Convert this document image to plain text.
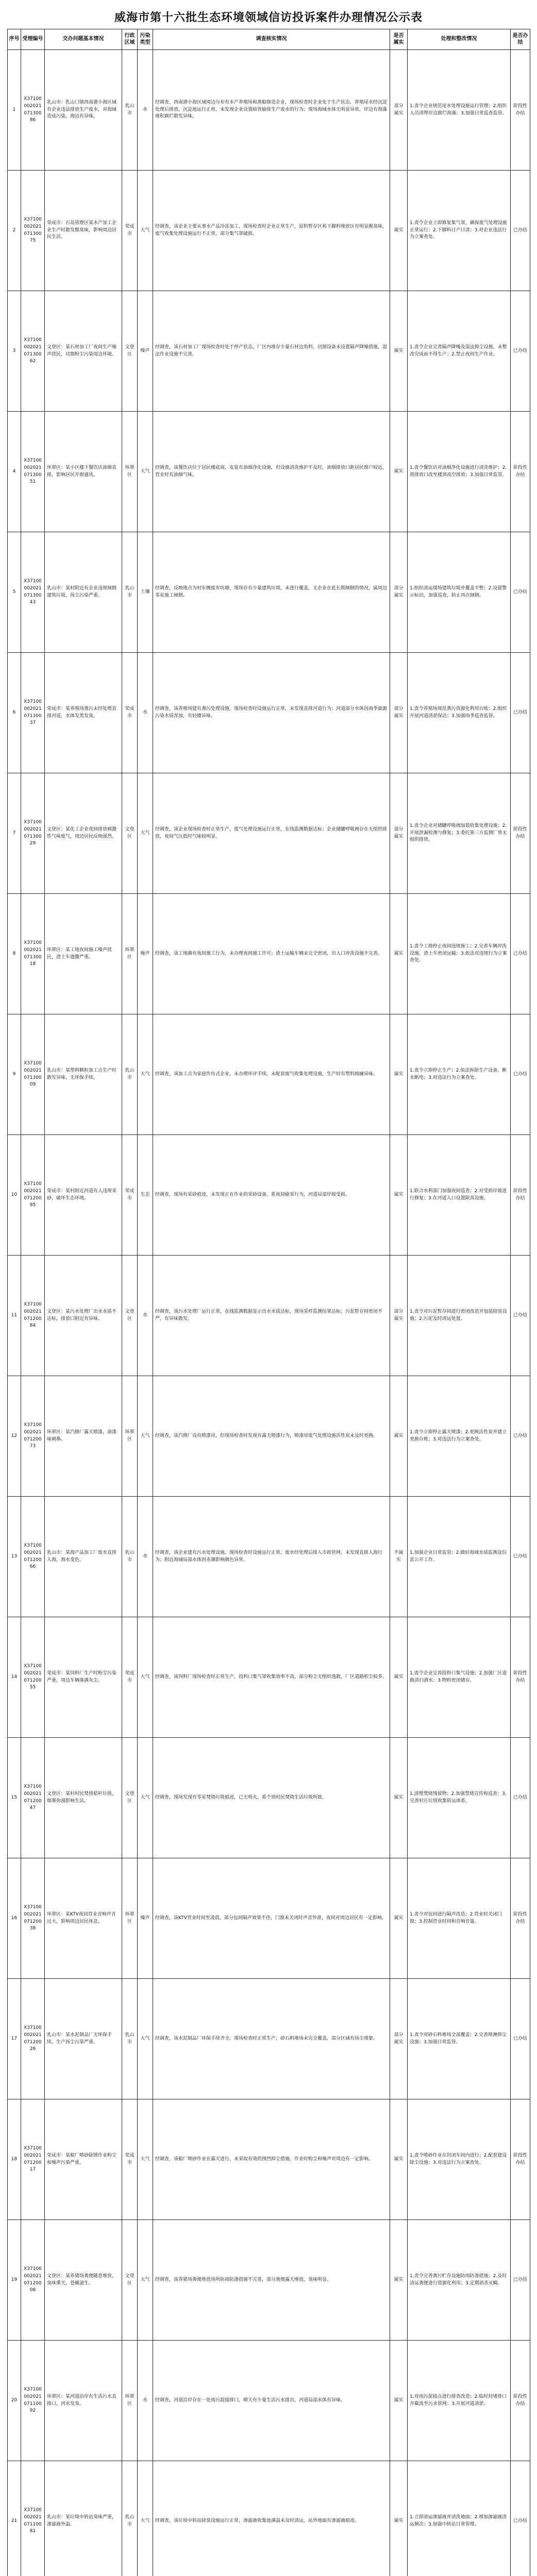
威海市第十六批生态环境领域信访投诉案件办理情况公示表
序号	受理编号	交办问题基本情况	行政区域	污染类型	调查核实情况	是否属实	处理和整改情况	是否办结
1	X3710000202107130086	乳山市：乳山口镇西南港小海区域有企业违法排放生产废水，对海域造成污染，海边有异味。	乳山市	水	经调查，西南港小海区域周边分布有水产养殖场和渔船修造企业，现场检查时企业处于生产状态，养殖尾水经沉淀处理后排放，沉淀池运行正常，未发现企业设置暗管偷排生产废水的行为；现场海域水体无明显异常，岸边有海藻堆积腐烂散发异味。	部分属实	1.责令企业规范尾水处理设施运行管理；2.组织人员清理岸边腐烂海藻；3.加强日常巡查监管。	阶段性办结
2	X3710000202107130075	荣成市：石岛管理区某水产加工企业生产时散发腥臭味，影响周边居民生活。	荣成市	大气	经调查，该企业主要从事水产品冷冻加工，现场检查时企业正常生产，原料暂存区和下脚料堆放区有明显腥臭味，废气收集处理设施运行不正常，部分集气罩破损。	属实	1.责令企业立即修复集气罩，确保废气处理设施正常运行；2.下脚料日产日清；3.对企业违法行为立案查处。	已办结
3	X3710000202107130062	文登区：某石材加工厂夜间生产噪声扰民，切割粉尘污染周边环境。	文登区	噪声	经调查，该石材加工厂现场检查时处于停产状态，厂区内堆存少量石材边角料，切割设备未设置隔声降噪措施，湿法作业设施不完善。	属实	1.责令企业完善隔声降噪及湿法抑尘设施，未整改完成前不得生产；2.禁止夜间生产作业。	已办结
4	X3710000202107130051	环翠区：某小区楼下餐饮店油烟直排，影响居民开窗通风。	环翠区	大气	经调查，该餐饮店位于居民楼底商，安装有油烟净化设施，但设施清洗维护不及时，油烟排放口距居民窗户较近，营业时有油烟气味。	属实	1.责令餐饮店对油烟净化设施进行清洗维护；2.将排放口改至楼顶高空排放；3.加强日常监管。	阶段性办结
5	X3710000202107130043	乳山市：某村附近有企业违规倾倒建筑垃圾，扬尘污染严重。	乳山市	土壤	经调查，反映地点为村东侧废弃坑塘，现场存有少量建筑垃圾，未进行覆盖，无企业在此长期倾倒的情况，属周边零星施工倾倒。	部分属实	1.组织清运现场建筑垃圾并覆盖平整；2.设置警示标识，加强巡查，防止再次倾倒。	已办结
6	X3710000202107130037	荣成市：某养殖场粪污未经处理直排河道，水体发黑发臭。	荣成市	水	经调查，该养殖场建有粪污处理设施，现场检查时设施运行正常，未发现直排河道行为；河道部分水体因雨季面源污染水质浑浊，有轻微异味。	部分属实	1.责令养殖场规范粪污资源化利用台账；2.组织开展河道清淤保洁；3.加强雨季巡查监管。	已办结
7	X3710000202107130029	文登区：某化工企业夜间排放刺激性气味废气，周边居民反映强烈。	文登区	大气	经调查，该企业现场检查时正常生产，废气处理设施运行正常，在线监测数据达标；企业储罐呼吸阀存在无组织排放，夜间气压低时气味较明显。	部分属实	1.责令企业对储罐呼吸阀加装收集处理设施；2.开展泄漏检测与修复；3.委托第三方监测厂界无组织排放。	阶段性办结
8	X3710000202107130018	环翠区：某工地夜间施工噪声扰民，渣土车遗撒严重。	环翠区	噪声	经调查，该工地确有夜间施工行为，未办理夜间施工许可；渣土运输车辆未完全密闭，出入口冲洗设施不完善。	属实	1.责令工地停止夜间违规施工；2.完善车辆冲洗设施，渣土车密闭运输；3.依法对违规行为立案查处。	已办结
9	X3710000202107130009	乳山市：某塑料颗粒加工点生产时散发异味，无环保手续。	乳山市	大气	经调查，该加工点为家庭作坊式企业，未办理环评手续，未配套废气收集处理设施，生产时有塑料熔融异味。	属实	1.责令立即停止生产；2.依法拆除生产设备，断水断电；3.对违法行为立案查处。	已办结
10	X3710000202107120095	荣成市：某村附近河道有人违规采砂，破坏生态环境。	荣成市	生态	经调查，现场有采砂痕迹，未发现正在作业的采砂设备，系夜间偷采行为，河道局部岸坡受损。	属实	1.联合水利部门加强夜间巡查；2.对受损岸坡进行修复；3.在河道入口设置限高设施。	阶段性办结
11	X3710000202107120084	文登区：某污水处理厂出水水质不达标，排放口附近有异味。	文登区	水	经调查，该污水处理厂运行正常，在线监测数据显示出水水质达标，现场采样监测结果达标；污泥暂存间密闭不严，有异味散发。	部分属实	1.责令对污泥暂存间进行密闭改造并加装除臭设施；2.污泥及时清运处置。	已办结
12	X3710000202107120073	环翠区：某汽修厂露天喷漆，油漆味刺鼻。	环翠区	大气	经调查，该汽修厂设有喷漆房，但现场检查时发现有露天喷漆行为，喷漆房废气处理设施活性炭未及时更换。	属实	1.责令立即停止露天喷漆；2.更换活性炭并建立更换台账；3.对违法行为立案查处。	已办结
13	X3710000202107120066	乳山市：某海产品加工厂废水直排入海，海水变色。	乳山市	水	经调查，该企业建有污水处理设施，现场检查时设施运行正常，废水经处理后排入市政管网，未发现直排入海行为；附近海域局部水体因赤潮影响颜色异常。	不属实	1.加强企业日常监管；2.做好海域水质监测及信息公开工作。	已办结
14	X3710000202107120055	荣成市：某饲料厂生产时粉尘污染严重，周边车辆落满灰尘。	荣成市	大气	经调查，该饲料厂现场检查时正常生产，投料口集气罩收集效率不高，部分粉尘无组织逸散，厂区道路积尘较多。	属实	1.责令企业完善投料口集气设施；2.加强厂区道路清扫洒水；3.物料密闭储存。	阶段性办结
15	X3710000202107120047	文登区：某村村民焚烧秸秆垃圾，烟雾弥漫影响生活。	文登区	大气	经调查，现场发现有零星焚烧垃圾痕迹，已无明火，系个别村民焚烧生活垃圾所致。	属实	1.清理焚烧残留物；2.加强禁烧宣传和巡查；3.完善村庄垃圾收集转运体系。	已办结
16	X3710000202107120038	环翠区：某KTV夜间营业音响声音过大，影响周边居民休息。	环翠区	噪声	经调查，该KTV营业时间至凌晨，部分包间隔声效果不佳，门窗未关闭时声音外泄，夜间对周边居民有一定影响。	属实	1.责令对包间进行隔声改造；2.营业时关闭门窗；3.控制营业时间和音响音量。	阶段性办结
17	X3710000202107120026	乳山市：某水泥制品厂无环保手续，生产扬尘污染严重。	乳山市	大气	经调查，该水泥制品厂环保手续齐全，现场检查时正常生产，砂石料堆场未完全覆盖，部分区域有扬尘现象。	部分属实	1.责令对砂石料堆场全部覆盖；2.完善喷淋抑尘设施；3.加强日常监管。	已办结
18	X3710000202107120017	荣成市：某船厂喷砂除锈作业粉尘和噪声污染严重。	荣成市	大气	经调查，该船厂喷砂作业在露天进行，未采取有效的围挡抑尘措施，作业时粉尘和噪声对周边有一定影响。	属实	1.责令喷砂作业在封闭车间内进行；2.配套建设除尘设施；3.对违法行为立案查处。	阶段性办结
19	X3710000202107120008	文登区：某养猪场粪便随意堆放，臭味熏天，苍蝇滋生。	文登区	大气	经调查，该养猪场粪便堆放场所防雨防渗措施不完善，部分粪便露天堆放，臭味明显。	属实	1.责令完善粪污贮存设施防雨防渗措施；2.及时清运粪便进行资源化利用；3.定期消杀灭蝇。	已办结
20	X3710000202107110092	环翠区：某河道沿岸有生活污水直排口，河水发臭。	环翠区	水	经调查，河道沿岸存在一处雨污混接排口，晴天有少量生活污水排出，河道局部水体有异味。	属实	1.对雨污混接点进行排查改造；2.临时封堵排口并截流至污水管网；3.开展河道清淤。	阶段性办结
21	X3710000202107110081	乳山市：某垃圾中转站臭味严重，渗滤液外溢。	乳山市	大气	经调查，该垃圾中转站除臭设施运行正常，渗滤液收集池满溢未及时清运，站外地面有渗滤液痕迹。	属实	1.立即清运渗滤液并清洗地面；2.增加渗滤液清运频次；3.加强中转站日常管理。	已办结
